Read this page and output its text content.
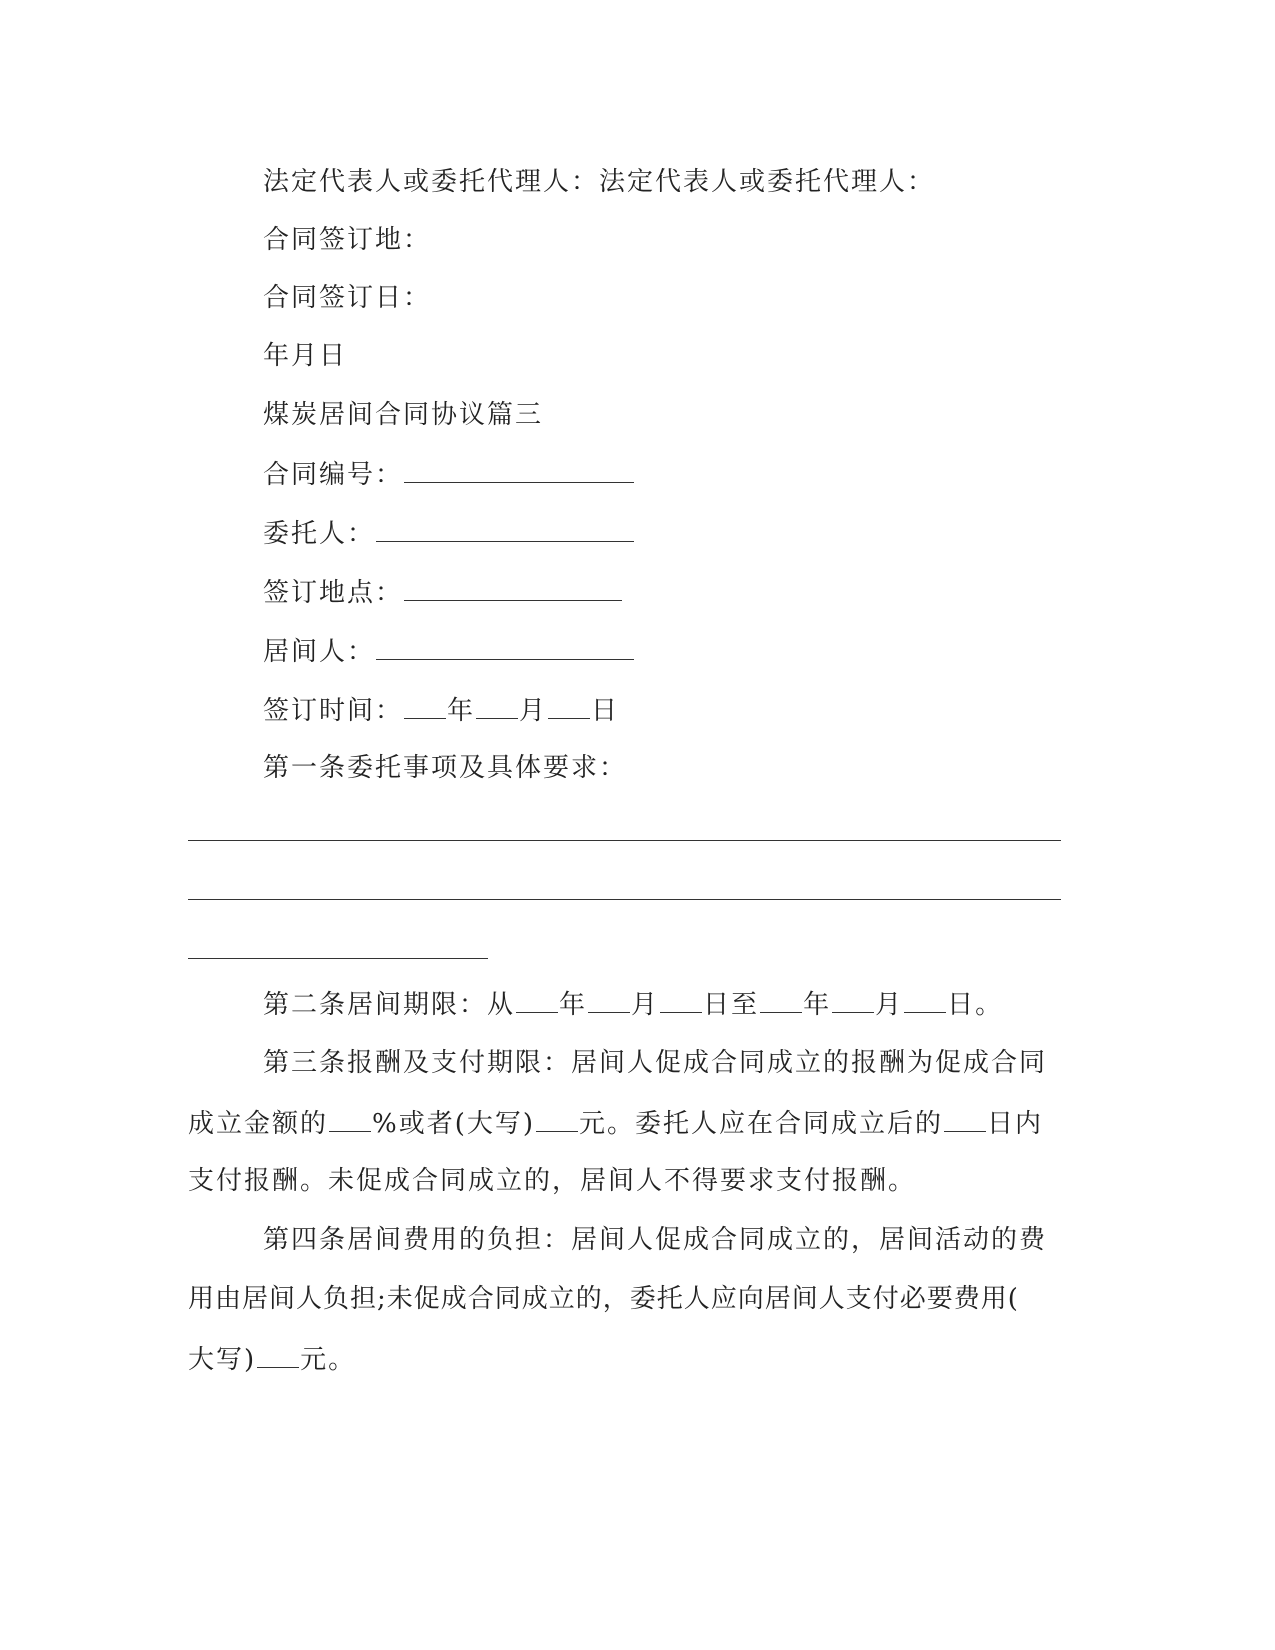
法定代表人或委托代理人：法定代表人或委托代理人：
合同签订地：
合同签订日：
年月日
煤炭居间合同协议篇三
合同编号：
委托人：
签订地点：
居间人：
签订时间： 年 月 日
第一条委托事项及具体要求：
第二条居间期限：从 年 月 日至 年 月 日。
第三条报酬及支付期限：居间人促成合同成立的报酬为促成合同
成立金额的 %或者(大写) 元。委托人应在合同成立后的 日内
支付报酬。未促成合同成立的，居间人不得要求支付报酬。
第四条居间费用的负担：居间人促成合同成立的，居间活动的费
用由居间人负担;未促成合同成立的，委托人应向居间人支付必要费用(
大写) 元。
